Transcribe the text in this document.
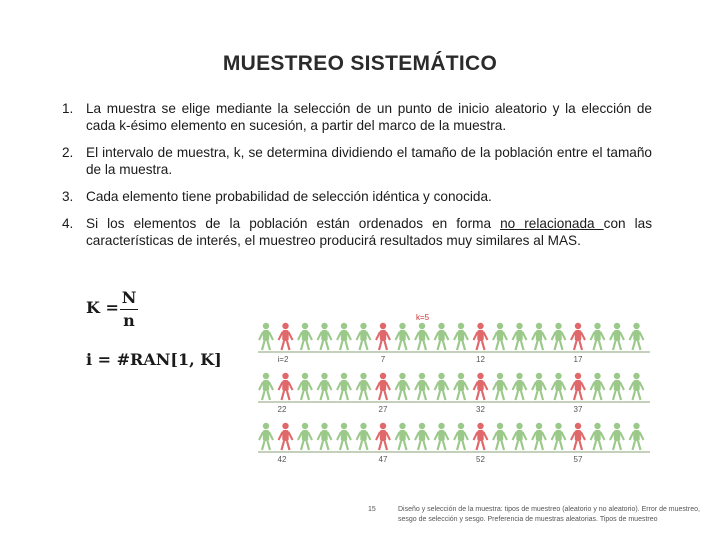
MUESTREO SISTEMÁTICO
1. La muestra se elige mediante la selección de un punto de inicio aleatorio y la elección de cada k-ésimo elemento en sucesión, a partir del marco de la muestra.
2. El intervalo de muestra, k, se determina dividiendo el tamaño de la población entre el tamaño de la muestra.
3. Cada elemento tiene probabilidad de selección idéntica y conocida.
4. Si los elementos de la población están ordenados en forma no relacionada con las características de interés, el muestreo producirá resultados muy similares al MAS.
K =
N
n
i = #RAN[1, K]
k=5
i=2	7	12	17
22	27	32	37
42	47	52	57
15	Diseño y selección de la muestra: tipos de muestreo (aleatorio y no aleatorio). Error de muestreo, sesgo de selección y sesgo. Preferencia de muestras aleatorias. Tipos de muestreo
